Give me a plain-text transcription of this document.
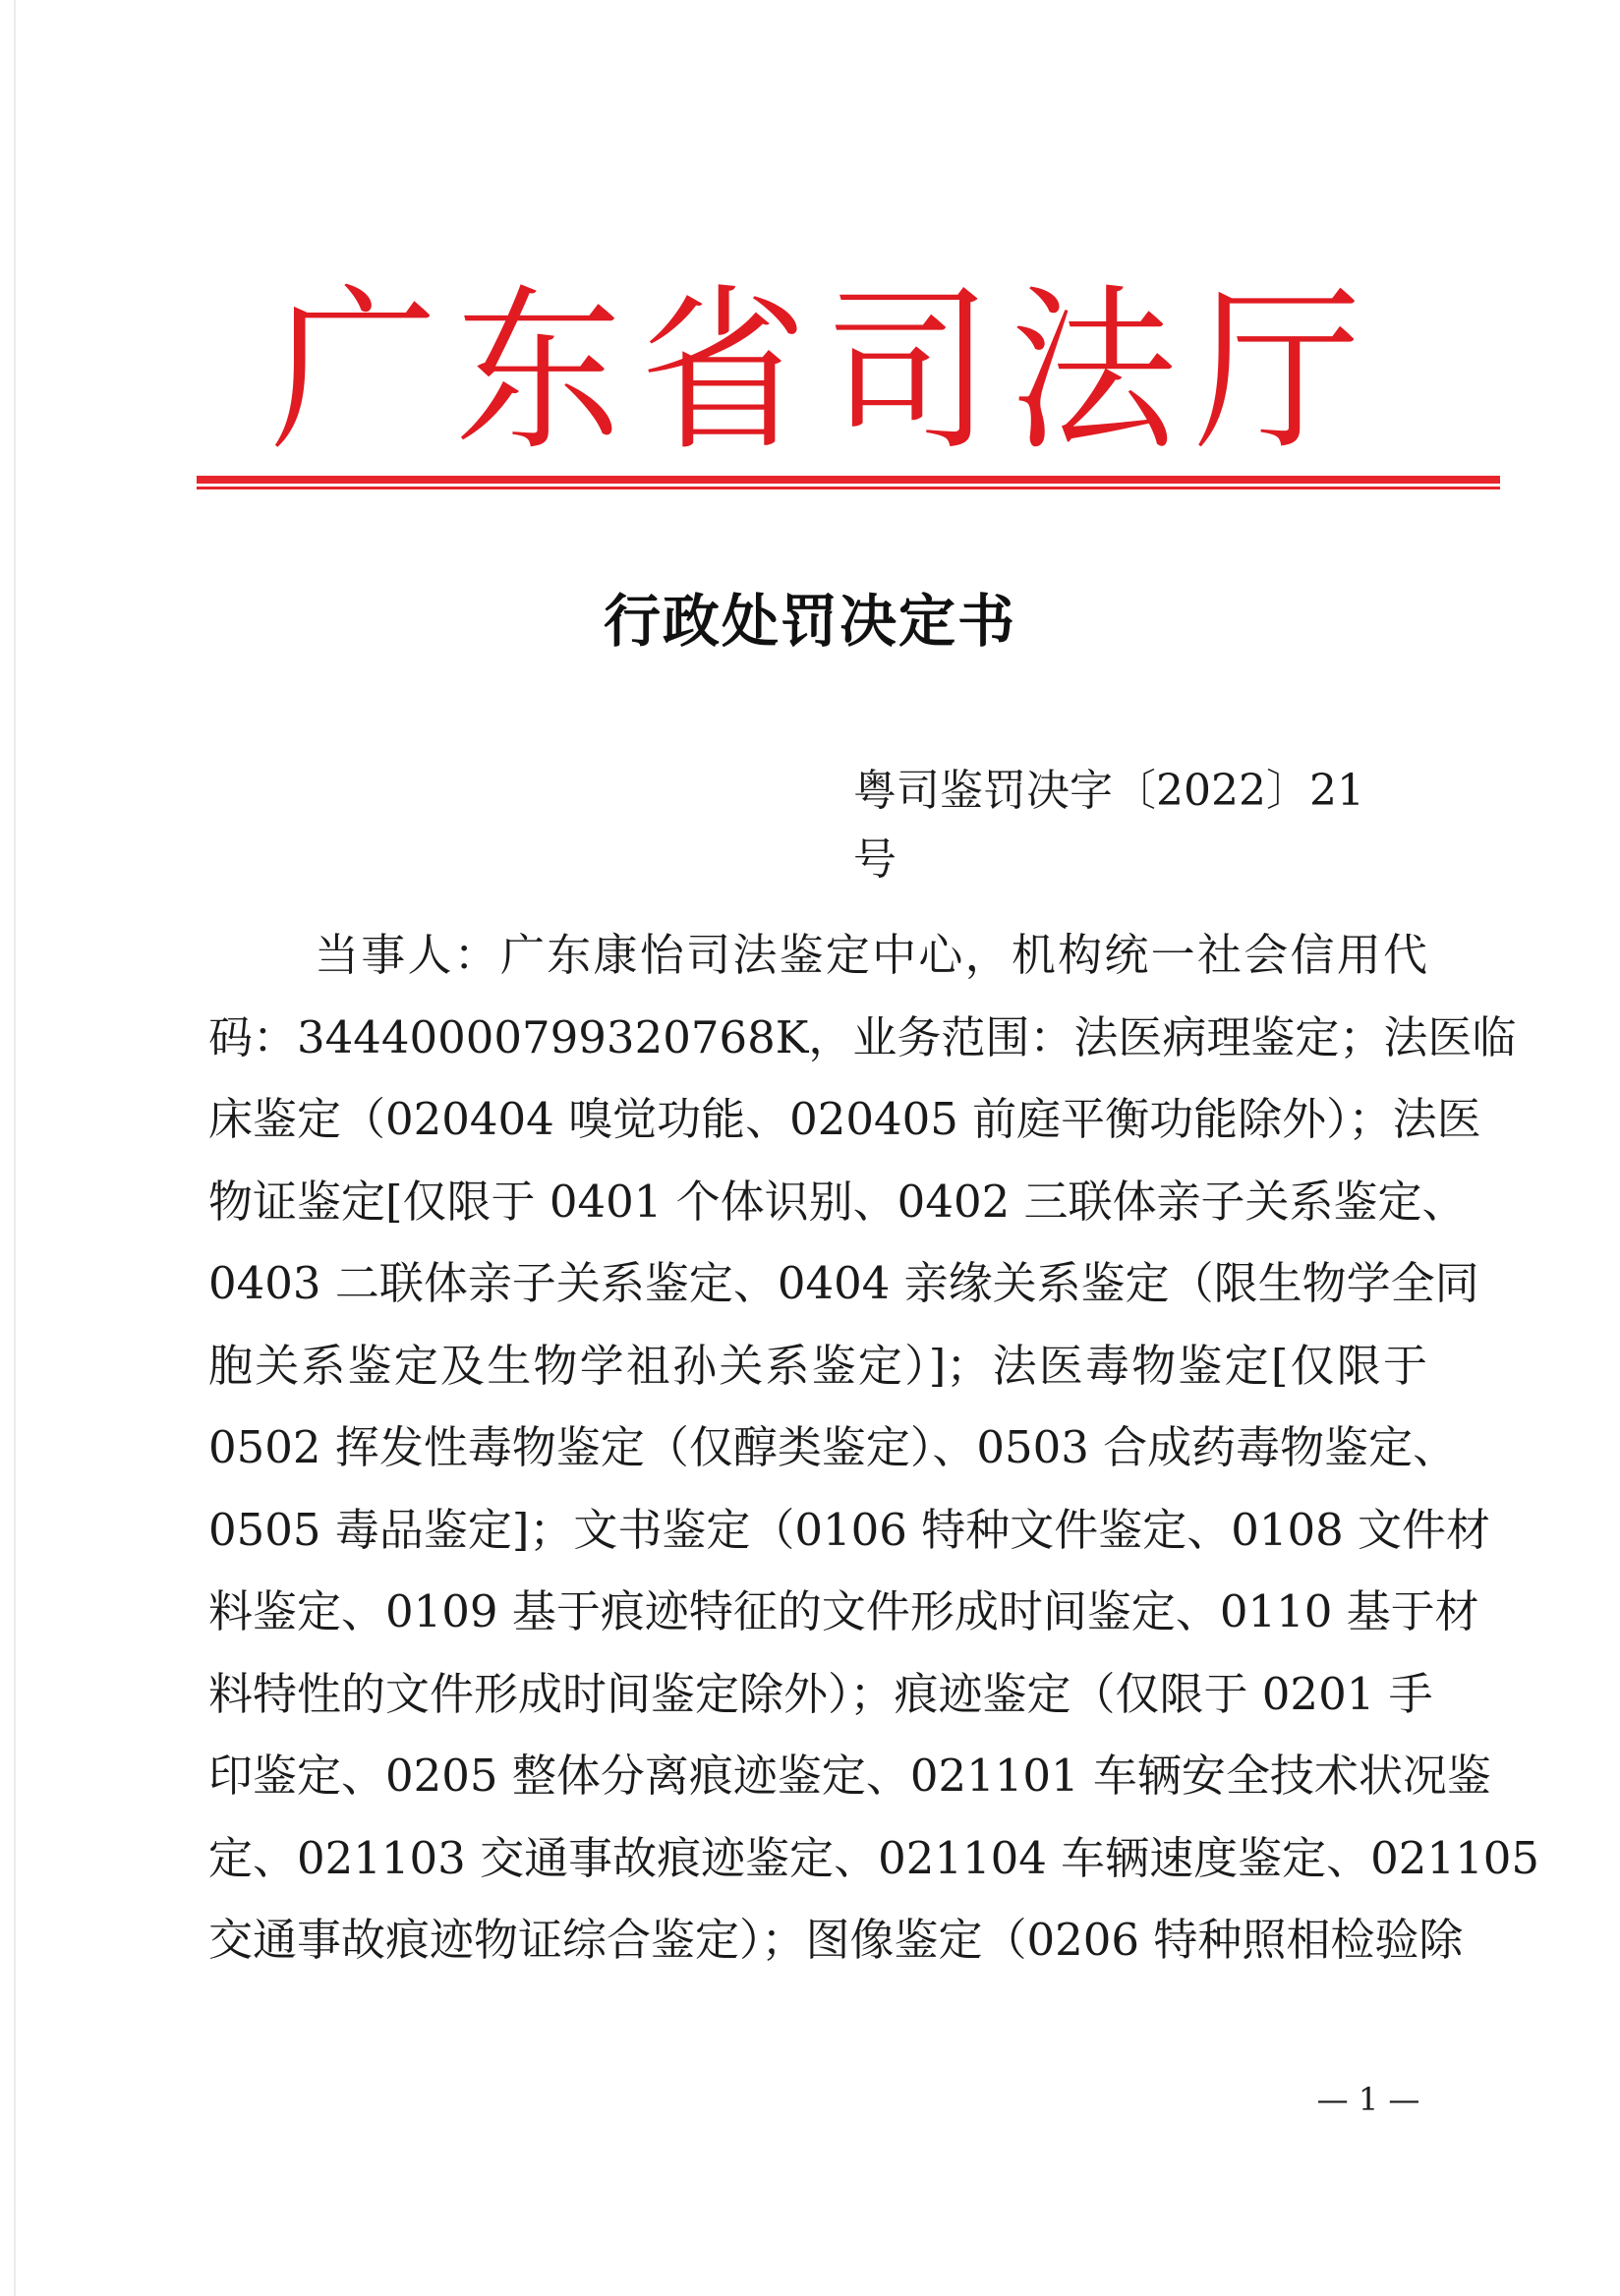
广 东 省 司 法 厅
行政处罚决定书
粤司鉴罚决字〔2022〕21 号
当事人：广东康怡司法鉴定中心，机构统一社会信用代
码：34440000799320768K，业务范围：法医病理鉴定；法医临
床鉴定（020404 嗅觉功能、020405 前庭平衡功能除外）；法医
物证鉴定[仅限于 0401 个体识别、0402 三联体亲子关系鉴定、
0403 二联体亲子关系鉴定、0404 亲缘关系鉴定（限生物学全同
胞关系鉴定及生物学祖孙关系鉴定）]；法医毒物鉴定[仅限于
0502 挥发性毒物鉴定（仅醇类鉴定）、0503 合成药毒物鉴定、
0505 毒品鉴定]；文书鉴定（0106 特种文件鉴定、0108 文件材
料鉴定、0109 基于痕迹特征的文件形成时间鉴定、0110 基于材
料特性的文件形成时间鉴定除外）；痕迹鉴定（仅限于 0201 手
印鉴定、0205 整体分离痕迹鉴定、021101 车辆安全技术状况鉴
定、021103 交通事故痕迹鉴定、021104 车辆速度鉴定、021105
交通事故痕迹物证综合鉴定）；图像鉴定（0206 特种照相检验除
— 1 —
